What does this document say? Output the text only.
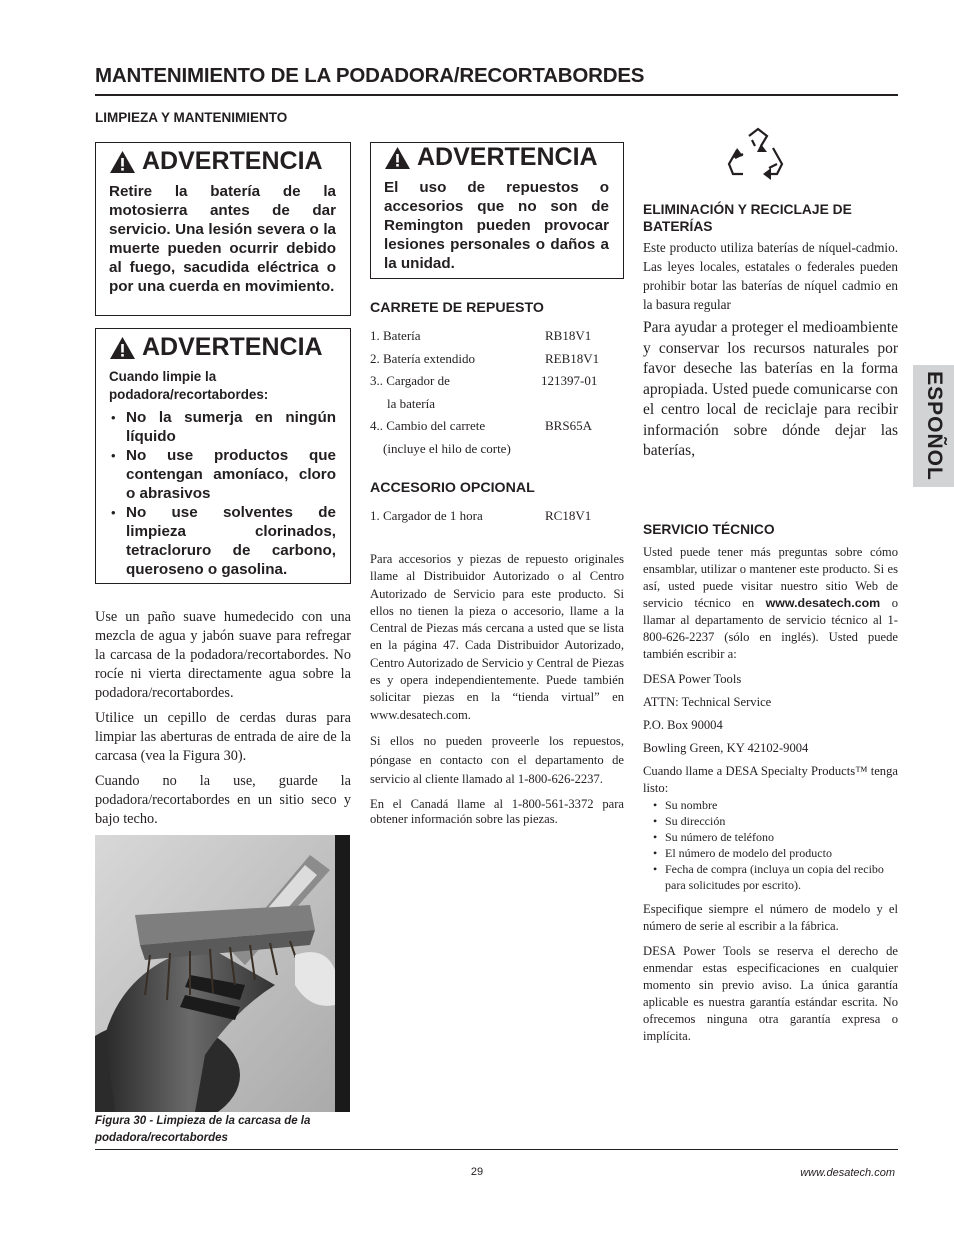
MANTENIMIENTO DE LA PODADORA/RECORTABORDES
LIMPIEZA Y MANTENIMIENTO
ESPOÑOL
ADVERTENCIA

Retire la batería de la motosierra antes de dar servicio. Una lesión severa o la muerte pueden ocurrir debido al fuego, sacudida eléctrica o por una cuerda en movimiento.

ADVERTENCIA

Cuando limpie la podadora/recortabordes:

• No la sumerja en ningún líquido
• No use productos que contengan amoníaco, cloro o abrasivos
• No use solventes de limpieza clorinados, tetracloruro de carbono, queroseno o gasolina.
ADVERTENCIA

El uso de repuestos o accesorios que no son de Remington pueden provocar lesiones personales o daños a la unidad.

Use un paño suave humedecido con una mezcla de agua y jabón suave para refregar la carcasa de la podadora/recortabordes. No rocíe ni vierta directamente agua sobre la podadora/recortabordes.

Utilice un cepillo de cerdas duras para limpiar las aberturas de entrada de aire de la carcasa (vea la Figura 30).

Cuando no la use, guarde la podadora/recortabordes en un sitio seco y bajo techo.

Figura 30 - Limpieza de la carcasa de la podadora/recortabordes
CARRETE DE REPUESTO
1. Batería	RB18V1
2. Batería extendido	REB18V1
3.. Cargador de	121397-01
la batería
4.. Cambio del carrete	BRS65A
(incluye el hilo de corte)
ACCESORIO OPCIONAL
1. Cargador de 1 hora	RC18V1

Para accesorios y piezas de repuesto originales llame al Distribuidor Autorizado o al Centro Autorizado de Servicio para este producto. Si ellos no tienen la pieza o accesorio, llame a la Central de Piezas más cercana a usted que se lista en la página 47. Cada Distribuidor Autorizado, Centro Autorizado de Servicio y Central de Piezas es y opera independientemente. Puede también solicitar piezas en la “tienda virtual” en www.desatech.com.

Si ellos no pueden proveerle los repuestos, póngase en contacto con el departamento de servicio al cliente llamado al 1-800-626-2237.

En el Canadá llame al 1-800-561-3372 para obtener información sobre las piezas.

ELIMINACIÓN Y RECICLAJE DE BATERÍAS

Este producto utiliza baterías de níquel-cadmio. Las leyes locales, estatales o federales pueden prohibir botar las baterías de níquel cadmio en la basura regular

Para ayudar a proteger el medioambiente y conservar los recursos naturales por favor deseche las baterías en la forma apropiada. Usted puede comunicarse con el centro local de reciclaje para recibir información sobre dónde dejar las baterías,

SERVICIO TÉCNICO

Usted puede tener más preguntas sobre cómo ensamblar, utilizar o mantener este producto. Si es así, usted puede visitar nuestro sitio Web de servicio técnico en www.desatech.com o llamar al departamento de servicio técnico al 1-800-626-2237 (sólo en inglés). Usted puede también escribir a:

DESA Power Tools

ATTN: Technical Service

P.O. Box 90004

Bowling Green, KY 42102-9004

Cuando llame a DESA Specialty Products™ tenga listo:

• Su nombre
• Su dirección
• Su número de teléfono
• El número de modelo del producto
• Fecha de compra (incluya un copia del recibo para solicitudes por escrito).

Especifique siempre el número de modelo y el número de serie al escribir a la fábrica.

DESA Power Tools se reserva el derecho de enmendar estas especificaciones en cualquier momento sin previo aviso. La única garantía aplicable es nuestra garantía estándar escrita. No ofrecemos ninguna otra garantía expresa o implícita.

29	www.desatech.com
